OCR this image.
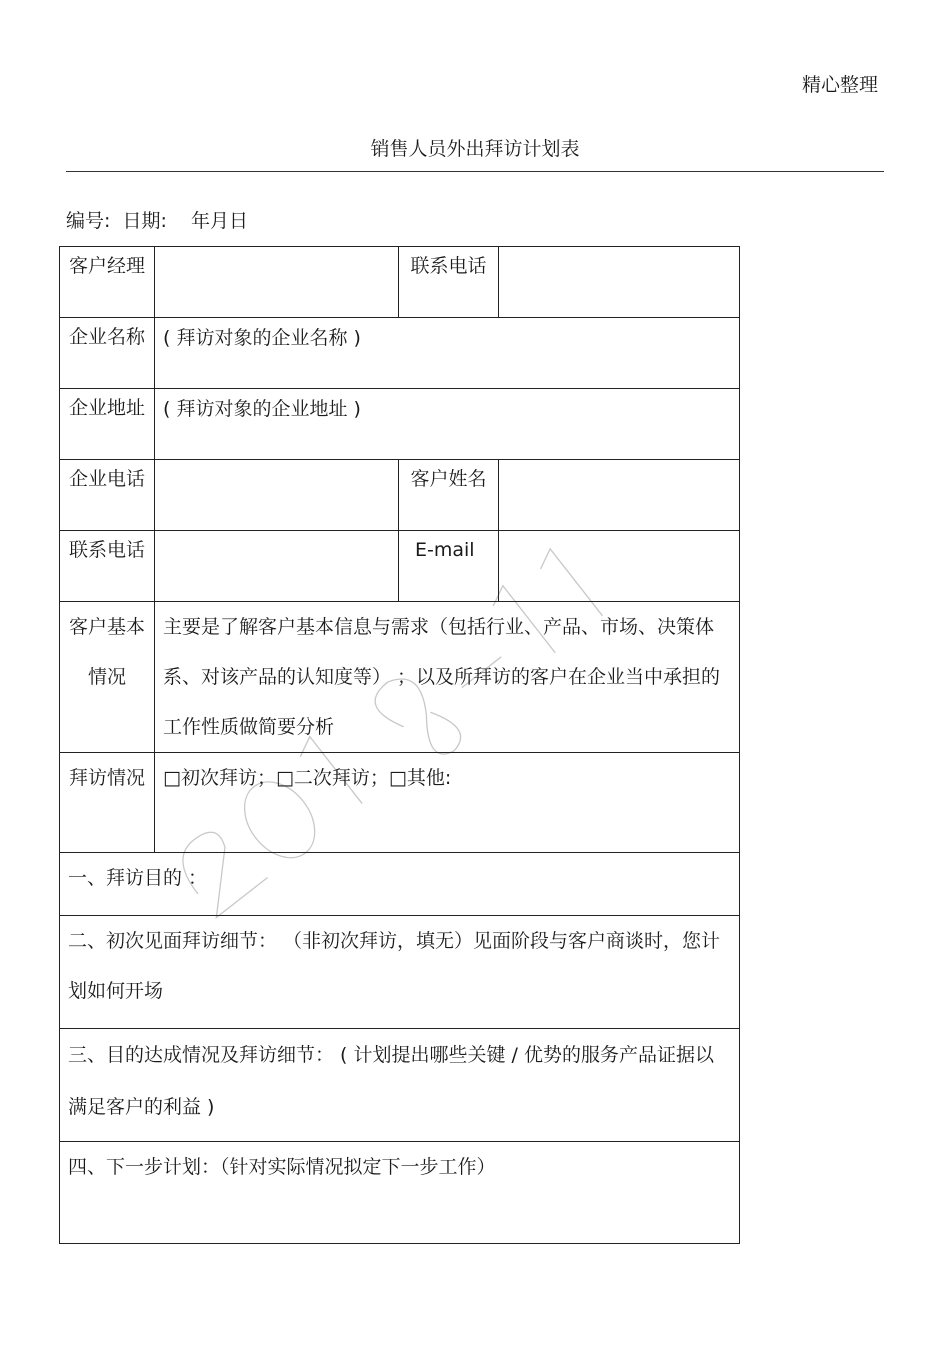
精心整理
销售人员外出拜访计划表
编号:  日期:    年月日
客户经理		联系电话	
企业名称	( 拜访对象的企业名称 )		
企业地址	( 拜访对象的企业地址 )		
企业电话		客户姓名	
联系电话		E-mail	
客户基本情况	主要是了解客户基本信息与需求（包括行业、产品、市场、决策体系、对该产品的认知度等） ；以及所拜访的客户在企业当中承担的工作性质做简要分析		
拜访情况	□初次拜访；□二次拜访；□其他:		
一、拜访目的 ：			
二、初次见面拜访细节： （非初次拜访，填无）见面阶段与客户商谈时，您计划如何开场			
三、目的达成情况及拜访细节： ( 计划提出哪些关键 / 优势的服务产品证据以满足客户的利益 )			
四、下一步计划：（针对实际情况拟定下一步工作）			
